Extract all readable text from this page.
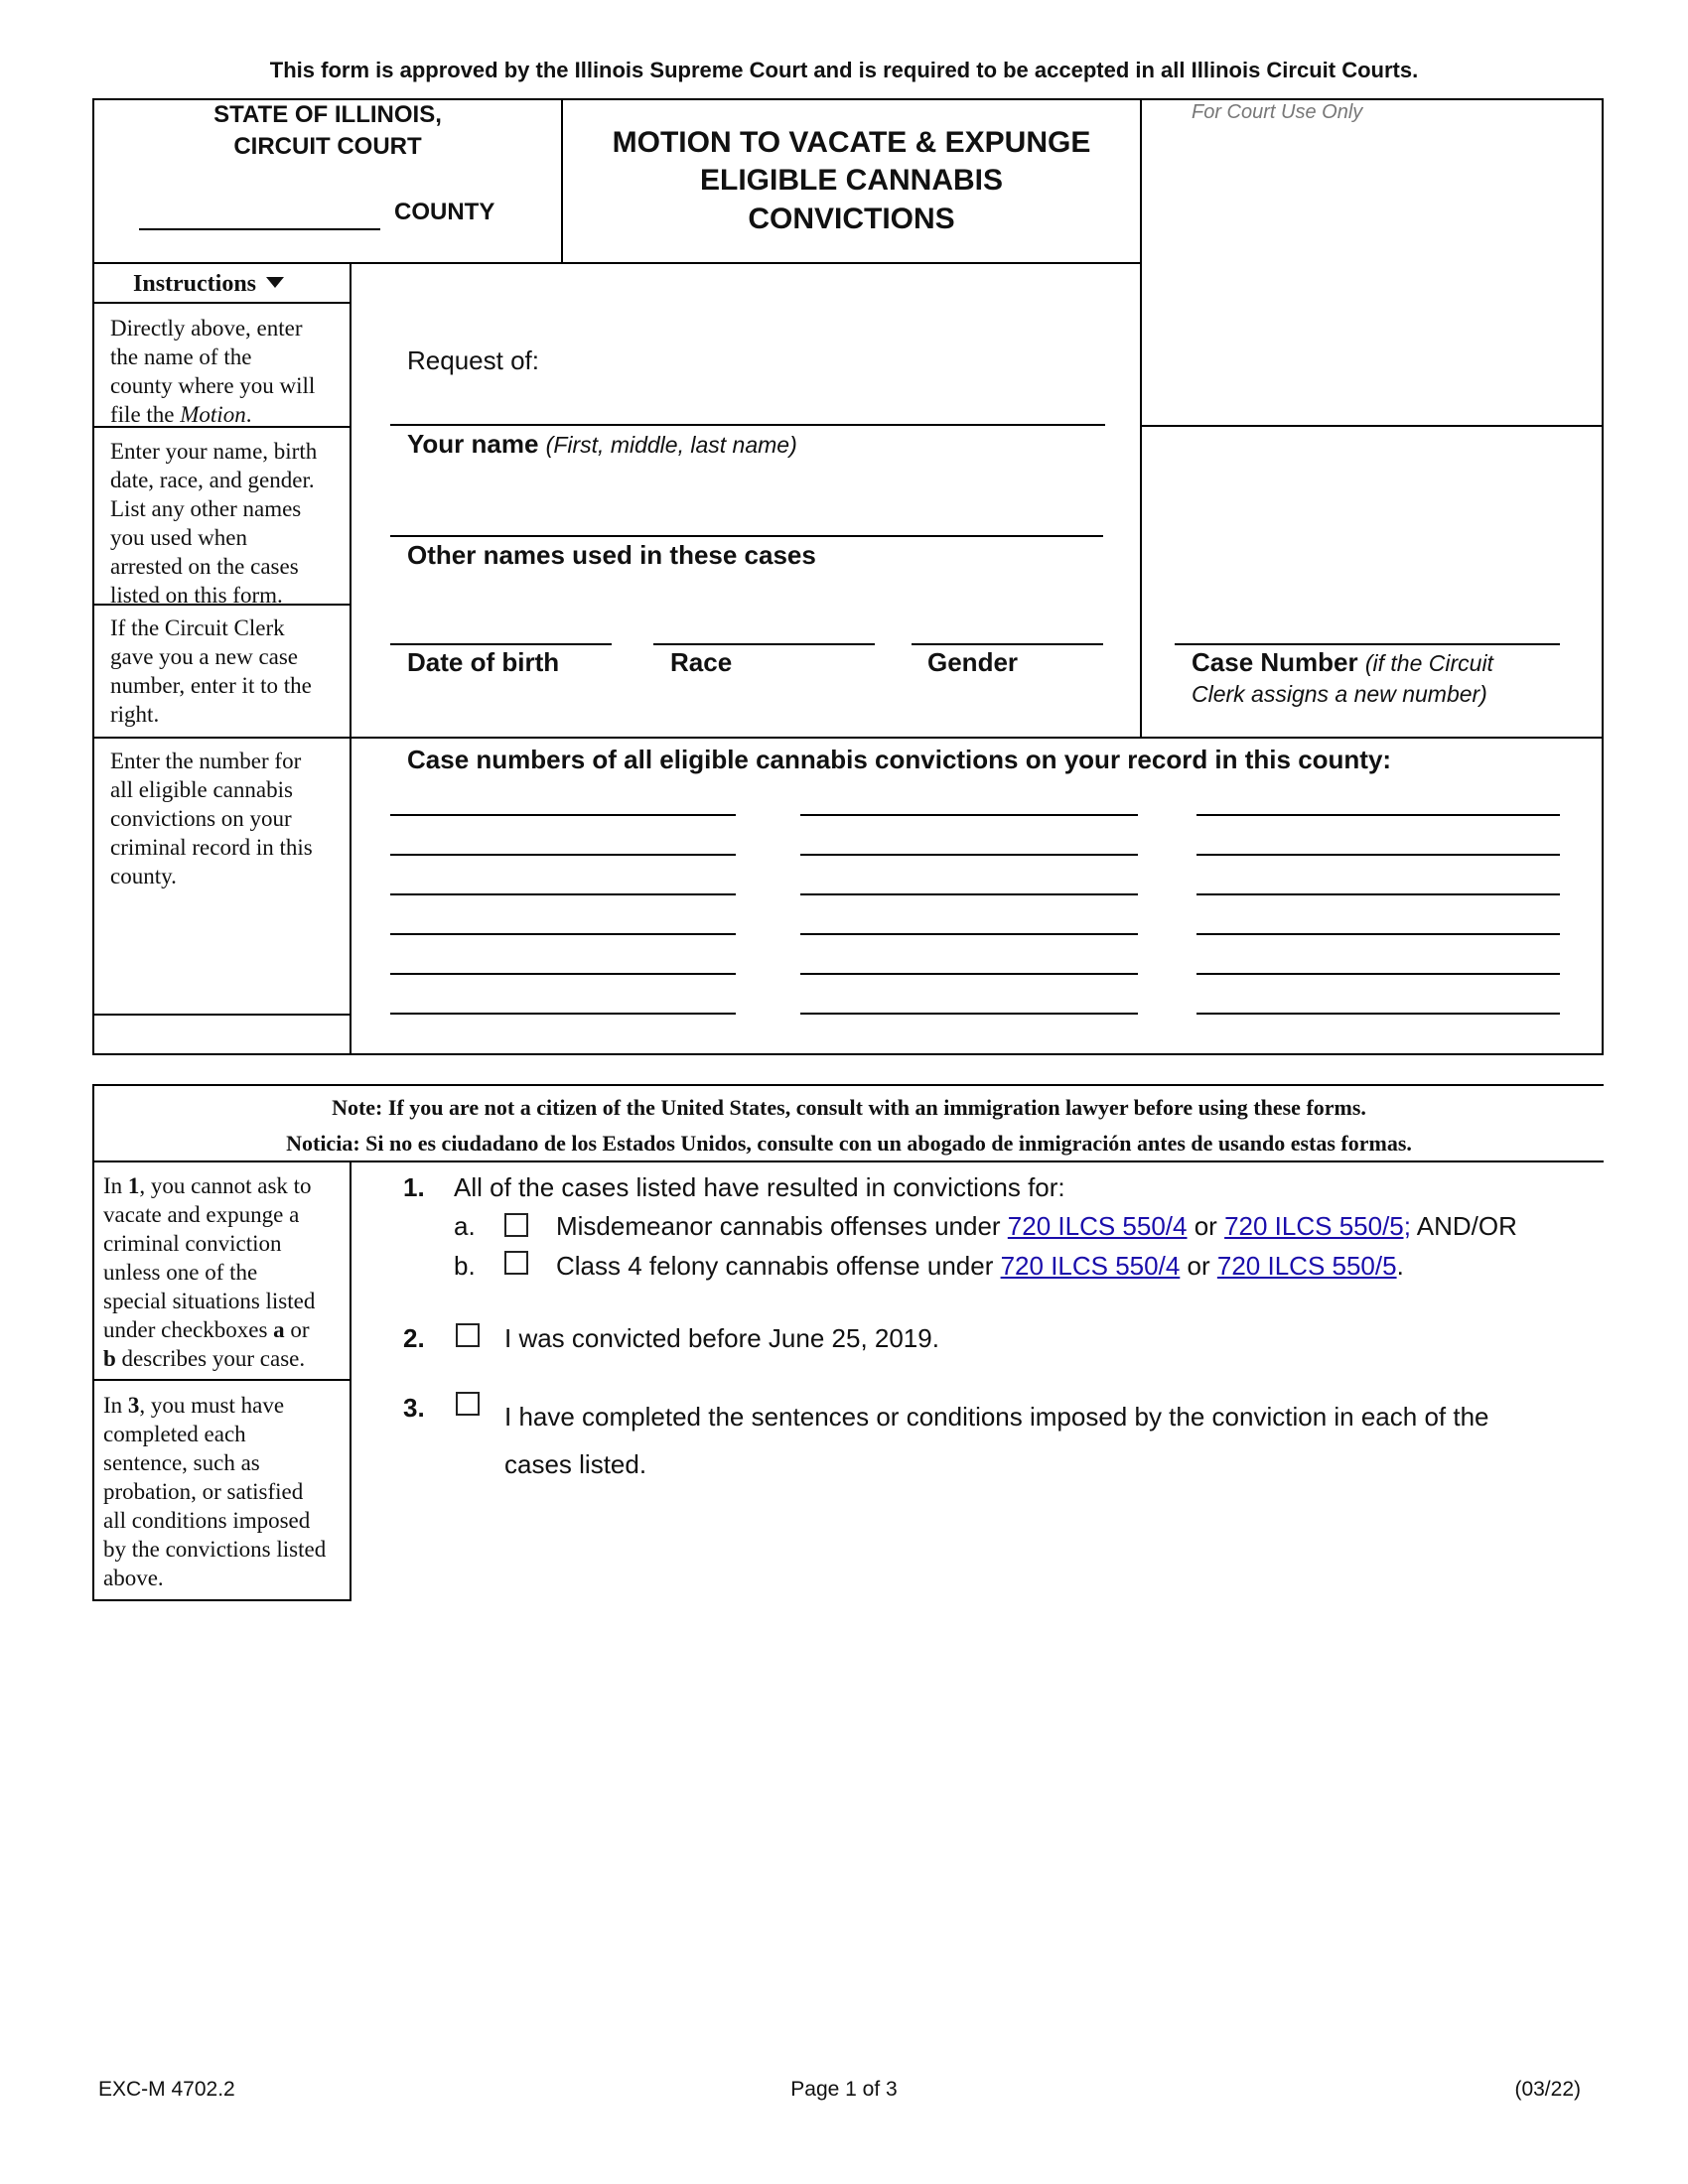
This form is approved by the Illinois Supreme Court and is required to be accepted in all Illinois Circuit Courts.
STATE OF ILLINOIS,
CIRCUIT COURT
COUNTY
MOTION TO VACATE & EXPUNGE
ELIGIBLE CANNABIS
CONVICTIONS
For Court Use Only
Instructions
Directly above, enter
the name of the
county where you will
file the Motion.
Enter your name, birth
date, race, and gender.
List any other names
you used when
arrested on the cases
listed on this form.
If the Circuit Clerk
gave you a new case
number, enter it to the
right.
Enter the number for
all eligible cannabis
convictions on your
criminal record in this
county.
Request of:
Your name (First, middle, last name)
Other names used in these cases
Date of birth	Race	Gender	Case Number (if the Circuit
Clerk assigns a new number)
Case numbers of all eligible cannabis convictions on your record in this county:
Note: If you are not a citizen of the United States, consult with an immigration lawyer before using these forms.
Noticia: Si no es ciudadano de los Estados Unidos, consulte con un abogado de inmigración antes de usando estas formas.
In 1, you cannot ask to
vacate and expunge a
criminal conviction
unless one of the
special situations listed
under checkboxes a or
b describes your case.
In 3, you must have
completed each
sentence, such as
probation, or satisfied
all conditions imposed
by the convictions listed
above.
1. All of the cases listed have resulted in convictions for:
a.	Misdemeanor cannabis offenses under 720 ILCS 550/4 or 720 ILCS 550/5; AND/OR
b.	Class 4 felony cannabis offense under 720 ILCS 550/4 or 720 ILCS 550/5.
2.	I was convicted before June 25, 2019.
3.	I have completed the sentences or conditions imposed by the conviction in each of the
cases listed.
EXC-M 4702.2	Page 1 of 3	(03/22)
